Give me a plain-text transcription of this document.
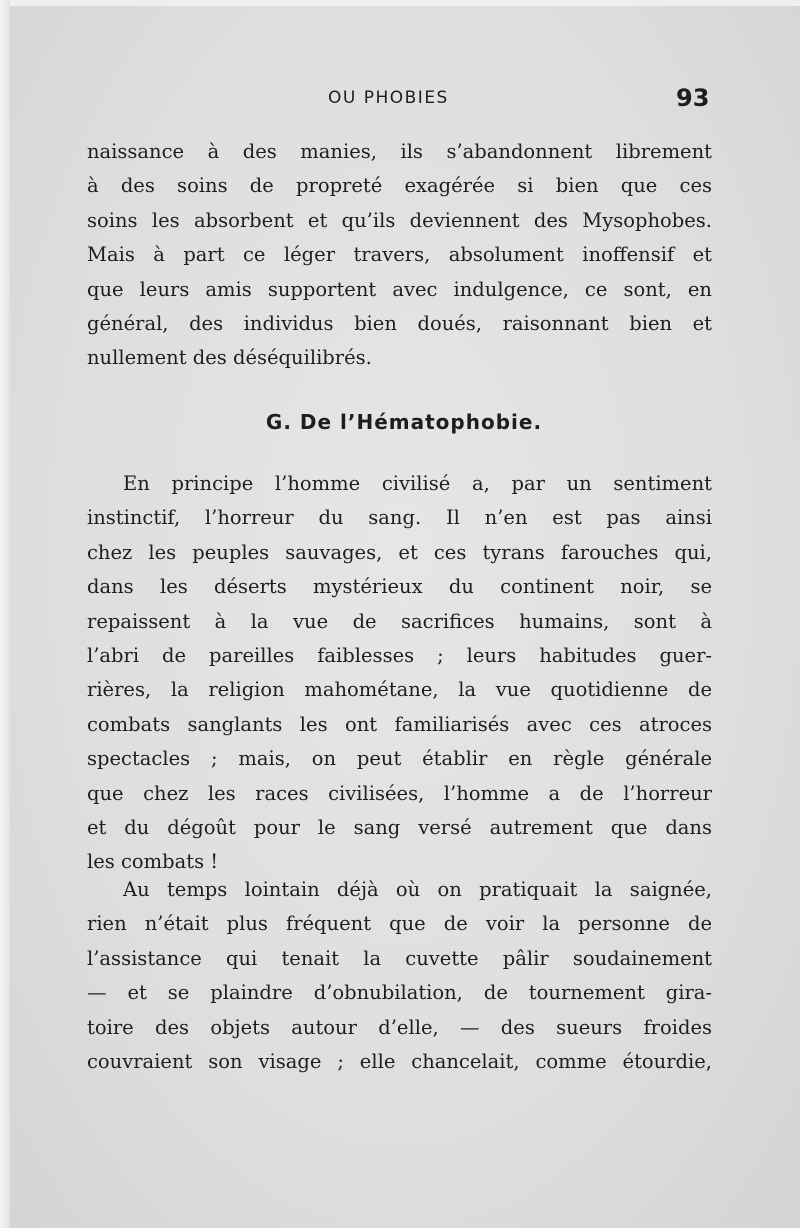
OU PHOBIES	93
naissance à des manies, ils s’abandonnent librement
à des soins de propreté exagérée si bien que ces
soins les absorbent et qu’ils deviennent des Mysophobes.
Mais à part ce léger travers, absolument inoffensif et
que leurs amis supportent avec indulgence, ce sont, en
général, des individus bien doués, raisonnant bien et
nullement des déséquilibrés.
G. De l’Hématophobie.
En principe l’homme civilisé a, par un sentiment
instinctif, l’horreur du sang. Il n’en est pas ainsi
chez les peuples sauvages, et ces tyrans farouches qui,
dans les déserts mystérieux du continent noir, se
repaissent à la vue de sacrifices humains, sont à
l’abri de pareilles faiblesses ; leurs habitudes guer-
rières, la religion mahométane, la vue quotidienne de
combats sanglants les ont familiarisés avec ces atroces
spectacles ; mais, on peut établir en règle générale
que chez les races civilisées, l’homme a de l’horreur
et du dégoût pour le sang versé autrement que dans
les combats !
Au temps lointain déjà où on pratiquait la saignée,
rien n’était plus fréquent que de voir la personne de
l’assistance qui tenait la cuvette pâlir soudainement
— et se plaindre d’obnubilation, de tournement gira-
toire des objets autour d’elle, — des sueurs froides
couvraient son visage ; elle chancelait, comme étourdie,
